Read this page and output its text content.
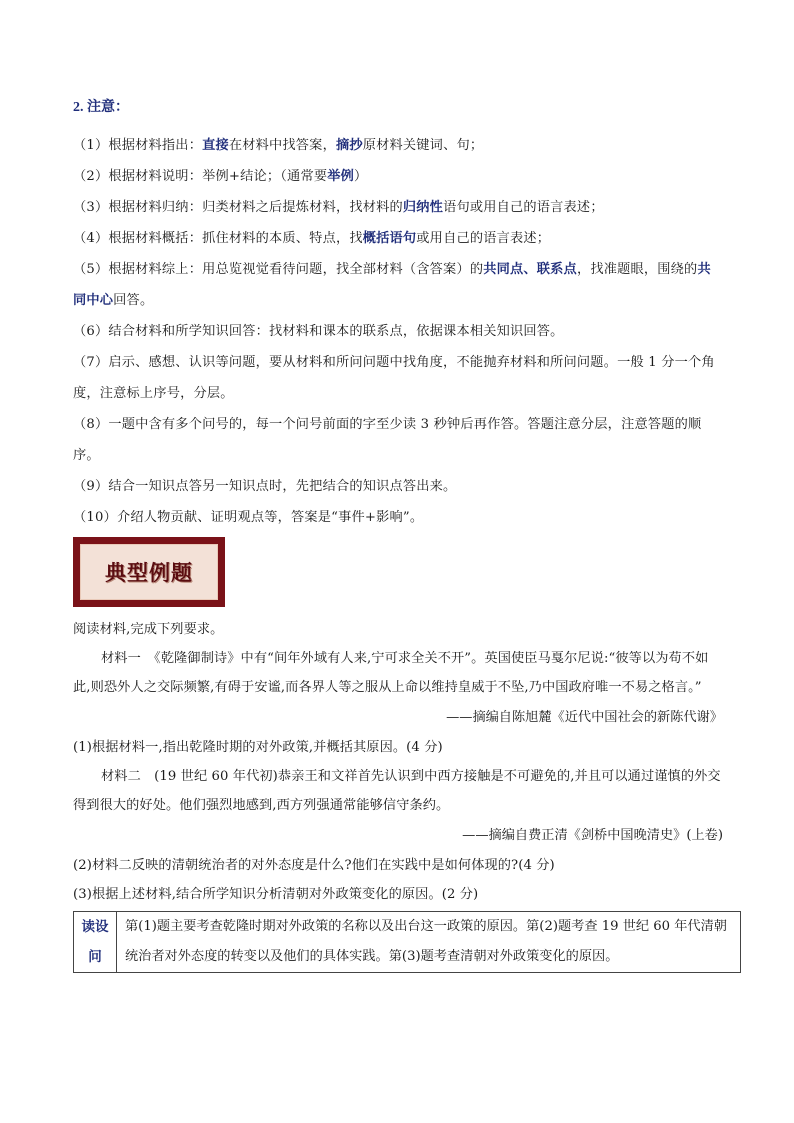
2. 注意：

（1）根据材料指出：直接在材料中找答案，摘抄原材料关键词、句；

（2）根据材料说明：举例+结论；（通常要举例）

（3）根据材料归纳：归类材料之后提炼材料，找材料的归纳性语句或用自己的语言表述；

（4）根据材料概括：抓住材料的本质、特点，找概括语句或用自己的语言表述；

（5）根据材料综上：用总览视觉看待问题，找全部材料（含答案）的共同点、联系点，找准题眼，围绕的共同中心回答。

（6）结合材料和所学知识回答：找材料和课本的联系点，依据课本相关知识回答。

（7）启示、感想、认识等问题，要从材料和所问问题中找角度，不能抛弃材料和所问问题。一般 1 分一个角度，注意标上序号，分层。

（8）一题中含有多个问号的，每一个问号前面的字至少读 3 秒钟后再作答。答题注意分层，注意答题的顺序。

（9）结合一知识点答另一知识点时，先把结合的知识点答出来。

（10）介绍人物贡献、证明观点等，答案是“事件+影响”。

典型例题

阅读材料,完成下列要求。

材料一　《乾隆御制诗》中有“间年外域有人来,宁可求全关不开”。英国使臣马戛尔尼说:“彼等以为苟不如此,则恐外人之交际频繁,有碍于安谧,而各界人等之服从上命以维持皇威于不坠,乃中国政府唯一不易之格言。”

——摘编自陈旭麓《近代中国社会的新陈代谢》

(1)根据材料一,指出乾隆时期的对外政策,并概括其原因。(4 分)

材料二　(19 世纪 60 年代初)恭亲王和文祥首先认识到中西方接触是不可避免的,并且可以通过谨慎的外交得到很大的好处。他们强烈地感到,西方列强通常能够信守条约。

——摘编自费正清《剑桥中国晚清史》(上卷)

(2)材料二反映的清朝统治者的对外态度是什么?他们在实践中是如何体现的?(4 分)

(3)根据上述材料,结合所学知识分析清朝对外政策变化的原因。(2 分)

读设
问
	第(1)题主要考查乾隆时期对外政策的名称以及出台这一政策的原因。第(2)题考查 19 世纪 60 年代清朝统治者对外态度的转变以及他们的具体实践。第(3)题考查清朝对外政策变化的原因。
